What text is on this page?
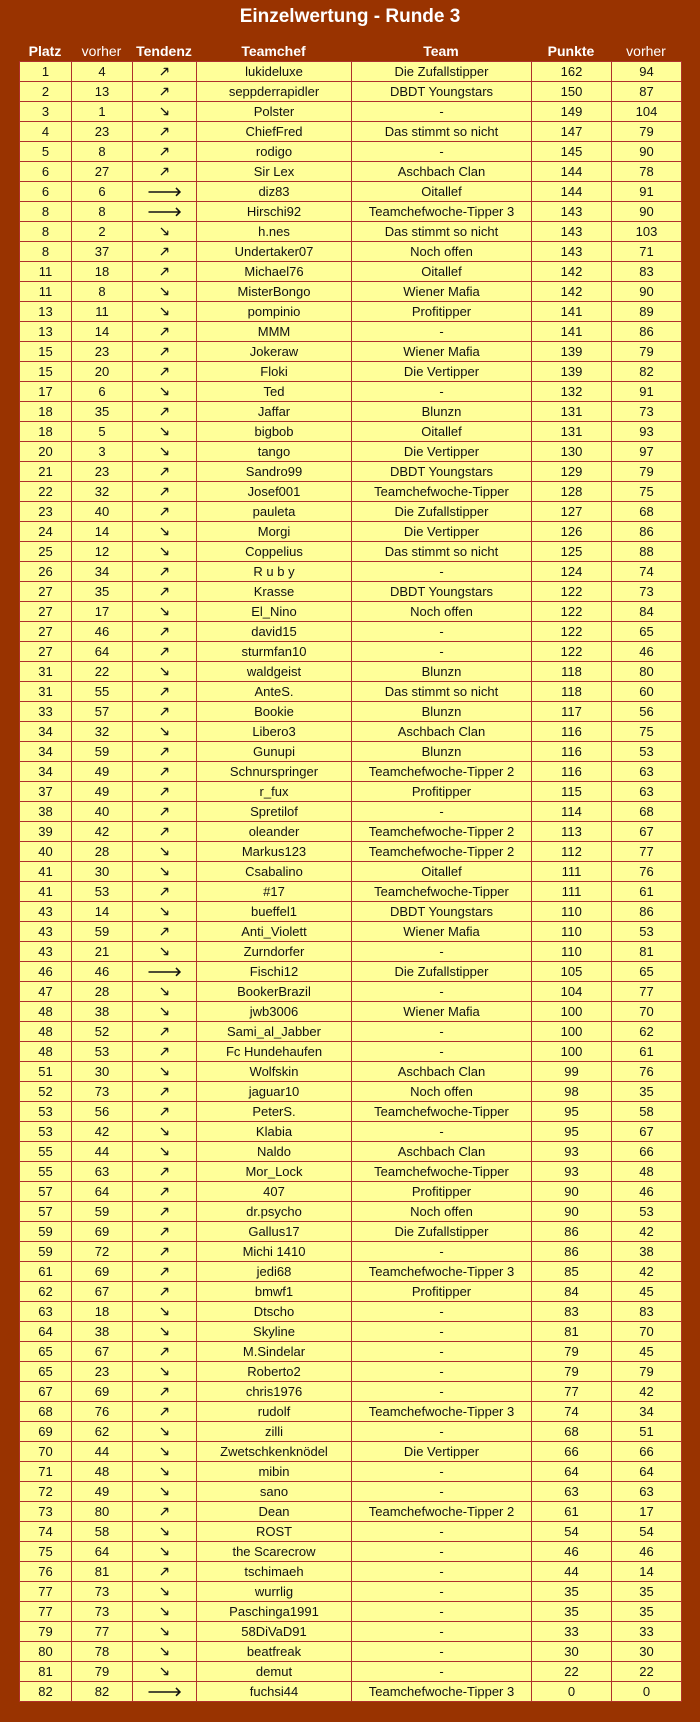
Einzelwertung - Runde 3
Platz	vorher	Tendenz	Teamchef	Team	Punkte	vorher
1	4	🡕	lukideluxe	Die Zufallstipper	162	94
2	13	🡕	seppderrapidler	DBDT Youngstars	150	87
3	1	🡖	Polster	-	149	104
4	23	🡕	ChiefFred	Das stimmt so nicht	147	79
5	8	🡕	rodigo	-	145	90
6	27	🡕	Sir Lex	Aschbach Clan	144	78
6	6	🡒	diz83	Oitallef	144	91
8	8	🡒	Hirschi92	Teamchefwoche-Tipper 3	143	90
8	2	🡖	h.nes	Das stimmt so nicht	143	103
8	37	🡕	Undertaker07	Noch offen	143	71
11	18	🡕	Michael76	Oitallef	142	83
11	8	🡖	MisterBongo	Wiener Mafia	142	90
13	11	🡖	pompinio	Profitipper	141	89
13	14	🡕	MMM	-	141	86
15	23	🡕	Jokeraw	Wiener Mafia	139	79
15	20	🡕	Floki	Die Vertipper	139	82
17	6	🡖	Ted	-	132	91
18	35	🡕	Jaffar	Blunzn	131	73
18	5	🡖	bigbob	Oitallef	131	93
20	3	🡖	tango	Die Vertipper	130	97
21	23	🡕	Sandro99	DBDT Youngstars	129	79
22	32	🡕	Josef001	Teamchefwoche-Tipper	128	75
23	40	🡕	pauleta	Die Zufallstipper	127	68
24	14	🡖	Morgi	Die Vertipper	126	86
25	12	🡖	Coppelius	Das stimmt so nicht	125	88
26	34	🡕	R u b y	-	124	74
27	35	🡕	Krasse	DBDT Youngstars	122	73
27	17	🡖	El_Nino	Noch offen	122	84
27	46	🡕	david15	-	122	65
27	64	🡕	sturmfan10	-	122	46
31	22	🡖	waldgeist	Blunzn	118	80
31	55	🡕	AnteS.	Das stimmt so nicht	118	60
33	57	🡕	Bookie	Blunzn	117	56
34	32	🡖	Libero3	Aschbach Clan	116	75
34	59	🡕	Gunupi	Blunzn	116	53
34	49	🡕	Schnurspringer	Teamchefwoche-Tipper 2	116	63
37	49	🡕	r_fux	Profitipper	115	63
38	40	🡕	Spretilof	-	114	68
39	42	🡕	oleander	Teamchefwoche-Tipper 2	113	67
40	28	🡖	Markus123	Teamchefwoche-Tipper 2	112	77
41	30	🡖	Csabalino	Oitallef	111	76
41	53	🡕	#17	Teamchefwoche-Tipper	111	61
43	14	🡖	bueffel1	DBDT Youngstars	110	86
43	59	🡕	Anti_Violett	Wiener Mafia	110	53
43	21	🡖	Zurndorfer	-	110	81
46	46	🡒	Fischi12	Die Zufallstipper	105	65
47	28	🡖	BookerBrazil	-	104	77
48	38	🡖	jwb3006	Wiener Mafia	100	70
48	52	🡕	Sami_al_Jabber	-	100	62
48	53	🡕	Fc Hundehaufen	-	100	61
51	30	🡖	Wolfskin	Aschbach Clan	99	76
52	73	🡕	jaguar10	Noch offen	98	35
53	56	🡕	PeterS.	Teamchefwoche-Tipper	95	58
53	42	🡖	Klabia	-	95	67
55	44	🡖	Naldo	Aschbach Clan	93	66
55	63	🡕	Mor_Lock	Teamchefwoche-Tipper	93	48
57	64	🡕	407	Profitipper	90	46
57	59	🡕	dr.psycho	Noch offen	90	53
59	69	🡕	Gallus17	Die Zufallstipper	86	42
59	72	🡕	Michi 1410	-	86	38
61	69	🡕	jedi68	Teamchefwoche-Tipper 3	85	42
62	67	🡕	bmwf1	Profitipper	84	45
63	18	🡖	Dtscho	-	83	83
64	38	🡖	Skyline	-	81	70
65	67	🡕	M.Sindelar	-	79	45
65	23	🡖	Roberto2	-	79	79
67	69	🡕	chris1976	-	77	42
68	76	🡕	rudolf	Teamchefwoche-Tipper 3	74	34
69	62	🡖	zilli	-	68	51
70	44	🡖	Zwetschkenknödel	Die Vertipper	66	66
71	48	🡖	mibin	-	64	64
72	49	🡖	sano	-	63	63
73	80	🡕	Dean	Teamchefwoche-Tipper 2	61	17
74	58	🡖	ROST	-	54	54
75	64	🡖	the Scarecrow	-	46	46
76	81	🡕	tschimaeh	-	44	14
77	73	🡖	wurrlig	-	35	35
77	73	🡖	Paschinga1991	-	35	35
79	77	🡖	58DiVaD91	-	33	33
80	78	🡖	beatfreak	-	30	30
81	79	🡖	demut	-	22	22
82	82	🡒	fuchsi44	Teamchefwoche-Tipper 3	0	0
